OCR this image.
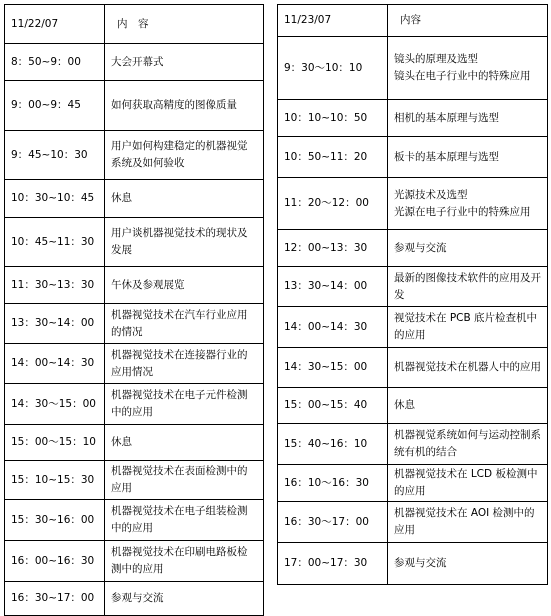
11/22/07	内　容
8：50~9：00	大会开幕式

9：00~9：45	如何获取高精度的图像质量

9：45~10：30	用户如何构建稳定的机器视觉系统及如何验收

10：30~10：45	休息

10：45~11：30	用户谈机器视觉技术的现状及发展

11：30~13：30	午休及参观展览

13：30~14：00	机器视觉技术在汽车行业应用的情况

14：00~14：30	机器视觉技术在连接器行业的应用情况

14：30～15：00	机器视觉技术在电子元件检测中的应用

15：00～15：10	休息

15：10~15：30	机器视觉技术在表面检测中的应用

15：30~16：00	机器视觉技术在电子组装检测中的应用

16：00~16：30	机器视觉技术在印刷电路板检测中的应用

16：30~17：00	参观与交流
11/23/07	内容
9：30～10：10	镜头的原理及选型
镜头在电子行业中的特殊应用

10：10~10：50	相机的基本原理与选型

10：50~11：20	板卡的基本原理与选型

11：20～12：00	光源技术及选型
光源在电子行业中的特殊应用

12：00~13：30	参观与交流

13：30~14：00	最新的图像技术软件的应用及开发

14：00~14：30	视觉技术在 PCB 底片检查机中的应用

14：30~15：00	机器视觉技术在机器人中的应用

15：00~15：40	休息

15：40~16：10	机器视觉系统如何与运动控制系统有机的结合

16：10～16：30	机器视觉技术在 LCD 板检测中的应用

16：30～17：00	机器视觉技术在 AOI 检测中的应用

17：00~17：30	参观与交流
